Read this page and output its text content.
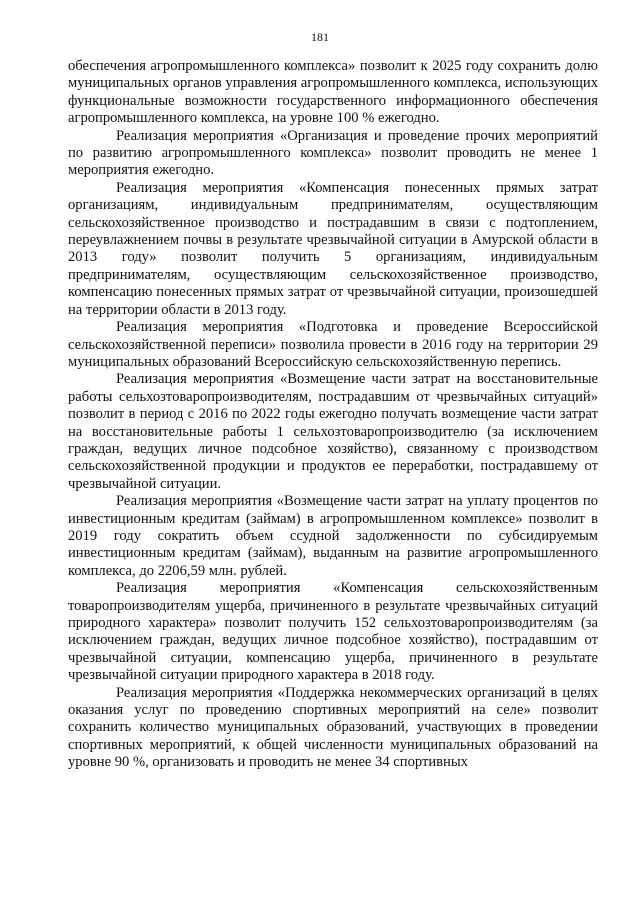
181

обеспечения агропромышленного комплекса» позволит к 2025 году сохранить долю муниципальных органов управления агропромышленного комплекса, использующих функциональные возможности государственного информационного обеспечения агропромышленного комплекса, на уровне 100 % ежегодно.

Реализация мероприятия «Организация и проведение прочих мероприятий по развитию агропромышленного комплекса» позволит проводить не менее 1 мероприятия ежегодно.

Реализация мероприятия «Компенсация понесенных прямых затрат организациям, индивидуальным предпринимателям, осуществляющим сельскохозяйственное производство и пострадавшим в связи с подтоплением, переувлажнением почвы в результате чрезвычайной ситуации в Амурской области в 2013 году» позволит получить 5 организациям, индивидуальным предпринимателям, осуществляющим сельскохозяйственное производство, компенсацию понесенных прямых затрат от чрезвычайной ситуации, произошедшей на территории области в 2013 году.

Реализация мероприятия «Подготовка и проведение Всероссийской сельскохозяйственной переписи» позволила провести в 2016 году на территории 29 муниципальных образований Всероссийскую сельскохозяйственную перепись.

Реализация мероприятия «Возмещение части затрат на восстановительные работы сельхозтоваропроизводителям, пострадавшим от чрезвычайных ситуаций» позволит в период с 2016 по 2022 годы ежегодно получать возмещение части затрат на восстановительные работы 1 сельхозтоваропроизводителю (за исключением граждан, ведущих личное подсобное хозяйство), связанному с производством сельскохозяйственной продукции и продуктов ее переработки, пострадавшему от чрезвычайной ситуации.

Реализация мероприятия «Возмещение части затрат на уплату процентов по инвестиционным кредитам (займам) в агропромышленном комплексе» позволит в 2019 году сократить объем ссудной задолженности по субсидируемым инвестиционным кредитам (займам), выданным на развитие агропромышленного комплекса, до 2206,59 млн. рублей.

Реализация мероприятия «Компенсация сельскохозяйственным товаропроизводителям ущерба, причиненного в результате чрезвычайных ситуаций природного характера» позволит получить 152 сельхозтоваропроизводителям (за исключением граждан, ведущих личное подсобное хозяйство), пострадавшим от чрезвычайной ситуации, компенсацию ущерба, причиненного в результате чрезвычайной ситуации природного характера в 2018 году.

Реализация мероприятия «Поддержка некоммерческих организаций в целях оказания услуг по проведению спортивных мероприятий на селе» позволит сохранить количество муниципальных образований, участвующих в проведении спортивных мероприятий, к общей численности муниципальных образований на уровне 90 %, организовать и проводить не менее 34 спортивных
